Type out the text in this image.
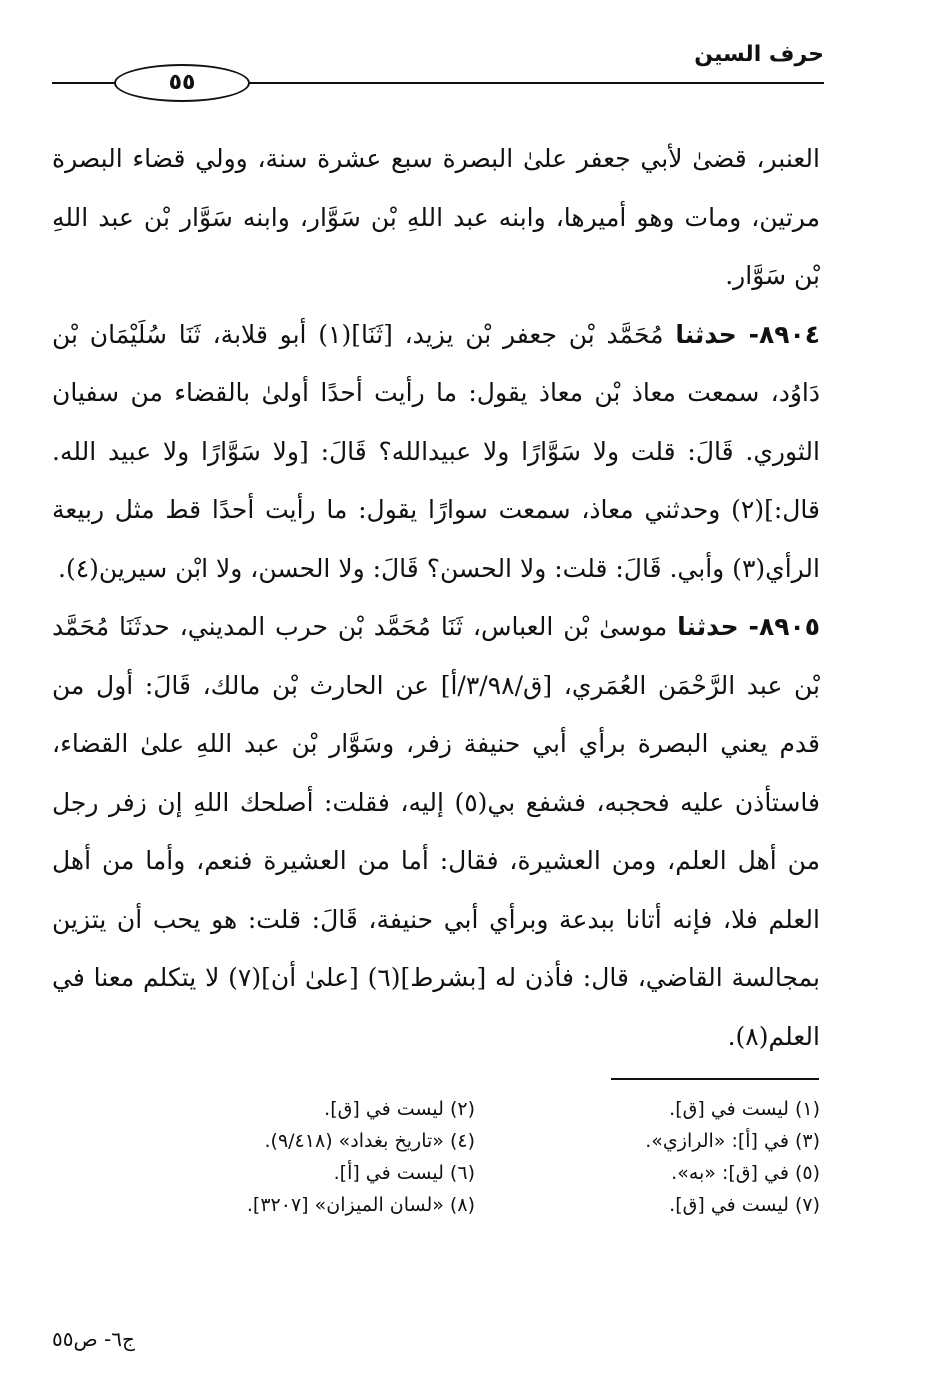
حرف السين
٥٥

العنبر، قضىٰ لأبي جعفر علىٰ البصرة سبع عشرة سنة، وولي قضاء البصرة مرتين، ومات وهو أميرها، وابنه عبد اللهِ بْن سَوَّار، وابنه سَوَّار بْن عبد اللهِ بْن سَوَّار.

٨٩٠٤- حدثنا مُحَمَّد بْن جعفر بْن يزيد، [ثَنَا](١) أبو قلابة، ثَنَا سُلَيْمَان بْن دَاوُد، سمعت معاذ بْن معاذ يقول: ما رأيت أحدًا أولىٰ بالقضاء من سفيان الثوري. قَالَ: قلت ولا سَوَّارًا ولا عبيدالله؟ قَالَ: [ولا سَوَّارًا ولا عبيد الله. قال:](٢) وحدثني معاذ، سمعت سوارًا يقول: ما رأيت أحدًا قط مثل ربيعة الرأي(٣) وأبي. قَالَ: قلت: ولا الحسن؟ قَالَ: ولا الحسن، ولا ابْن سيرين(٤).

٨٩٠٥- حدثنا موسىٰ بْن العباس، ثَنَا مُحَمَّد بْن حرب المديني، حدثَنَا مُحَمَّد بْن عبد الرَّحْمَن العُمَري، [ق/٣/٩٨/أ] عن الحارث بْن مالك، قَالَ: أول من قدم يعني البصرة برأي أبي حنيفة زفر، وسَوَّار بْن عبد اللهِ علىٰ القضاء، فاستأذن عليه فحجبه، فشفع بي(٥) إليه، فقلت: أصلحك اللهِ إن زفر رجل من أهل العلم، ومن العشيرة، فقال: أما من العشيرة فنعم، وأما من أهل العلم فلا، فإنه أتانا ببدعة وبرأي أبي حنيفة، قَالَ: قلت: هو يحب أن يتزين بمجالسة القاضي، قال: فأذن له [بشرط](٦) [علىٰ أن](٧) لا يتكلم معنا في العلم(٨).

(١) ليست في [ق].
(٢) ليست في [ق].
(٣) في [أ]: «الرازي».
(٤) «تاريخ بغداد» (٩/٤١٨).
(٥) في [ق]: «به».
(٦) ليست في [أ].
(٧) ليست في [ق].
(٨) «لسان الميزان» [٣٢٠٧].
ج٦- ص٥٥
